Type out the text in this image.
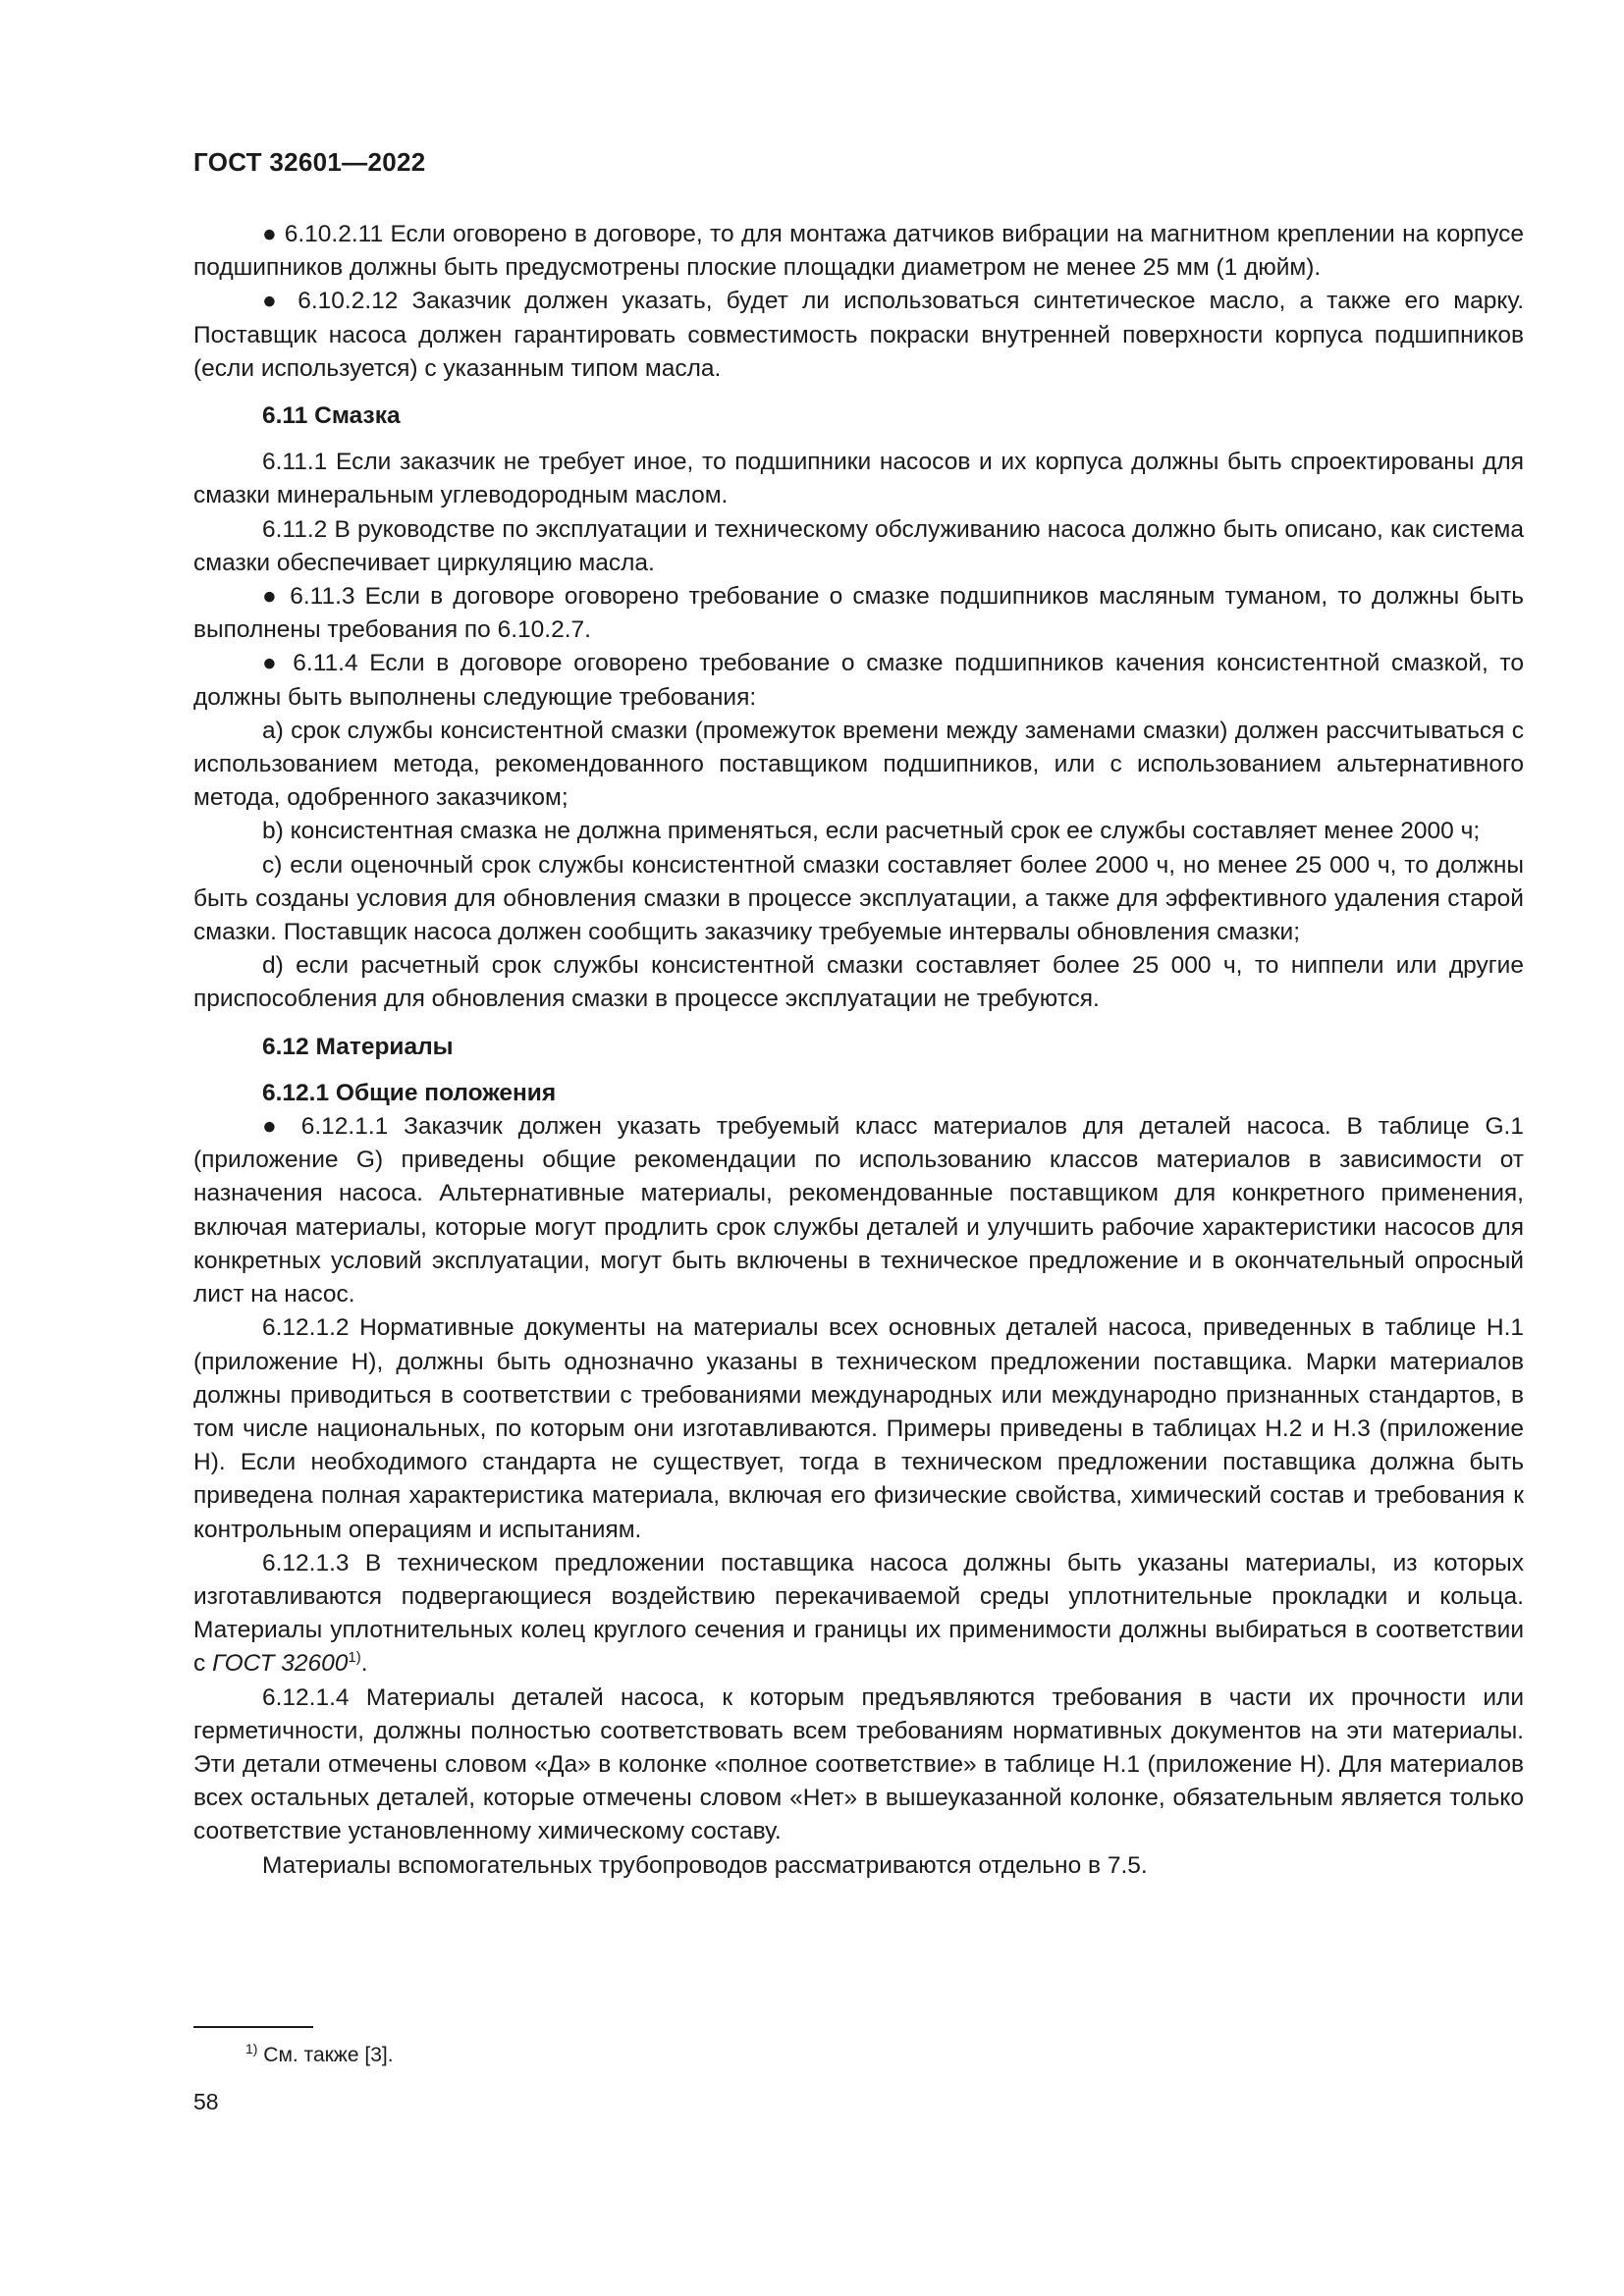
ГОСТ 32601—2022

● 6.10.2.11 Если оговорено в договоре, то для монтажа датчиков вибрации на магнитном креплении на корпусе подшипников должны быть предусмотрены плоские площадки диаметром не менее 25 мм (1 дюйм).

● 6.10.2.12 Заказчик должен указать, будет ли использоваться синтетическое масло, а также его марку. Поставщик насоса должен гарантировать совместимость покраски внутренней поверхности корпуса подшипников (если используется) с указанным типом масла.

6.11 Смазка

6.11.1 Если заказчик не требует иное, то подшипники насосов и их корпуса должны быть спроектированы для смазки минеральным углеводородным маслом.

6.11.2 В руководстве по эксплуатации и техническому обслуживанию насоса должно быть описано, как система смазки обеспечивает циркуляцию масла.

● 6.11.3 Если в договоре оговорено требование о смазке подшипников масляным туманом, то должны быть выполнены требования по 6.10.2.7.

● 6.11.4 Если в договоре оговорено требование о смазке подшипников качения консистентной смазкой, то должны быть выполнены следующие требования:

a) срок службы консистентной смазки (промежуток времени между заменами смазки) должен рассчитываться с использованием метода, рекомендованного поставщиком подшипников, или с использованием альтернативного метода, одобренного заказчиком;

b) консистентная смазка не должна применяться, если расчетный срок ее службы составляет менее 2000 ч;

c) если оценочный срок службы консистентной смазки составляет более 2000 ч, но менее 25 000 ч, то должны быть созданы условия для обновления смазки в процессе эксплуатации, а также для эффективного удаления старой смазки. Поставщик насоса должен сообщить заказчику требуемые интервалы обновления смазки;

d) если расчетный срок службы консистентной смазки составляет более 25 000 ч, то ниппели или другие приспособления для обновления смазки в процессе эксплуатации не требуются.

6.12 Материалы
6.12.1 Общие положения

● 6.12.1.1 Заказчик должен указать требуемый класс материалов для деталей насоса. В таблице G.1 (приложение G) приведены общие рекомендации по использованию классов материалов в зависимости от назначения насоса. Альтернативные материалы, рекомендованные поставщиком для конкретного применения, включая материалы, которые могут продлить срок службы деталей и улучшить рабочие характеристики насосов для конкретных условий эксплуатации, могут быть включены в техническое предложение и в окончательный опросный лист на насос.

6.12.1.2 Нормативные документы на материалы всех основных деталей насоса, приведенных в таблице Н.1 (приложение Н), должны быть однозначно указаны в техническом предложении поставщика. Марки материалов должны приводиться в соответствии с требованиями международных или международно признанных стандартов, в том числе национальных, по которым они изготавливаются. Примеры приведены в таблицах Н.2 и Н.3 (приложение Н). Если необходимого стандарта не существует, тогда в техническом предложении поставщика должна быть приведена полная характеристика материала, включая его физические свойства, химический состав и требования к контрольным операциям и испытаниям.

6.12.1.3 В техническом предложении поставщика насоса должны быть указаны материалы, из которых изготавливаются подвергающиеся воздействию перекачиваемой среды уплотнительные прокладки и кольца. Материалы уплотнительных колец круглого сечения и границы их применимости должны выбираться в соответствии с ГОСТ 32600$^{1)}$.

6.12.1.4 Материалы деталей насоса, к которым предъявляются требования в части их прочности или герметичности, должны полностью соответствовать всем требованиям нормативных документов на эти материалы. Эти детали отмечены словом «Да» в колонке «полное соответствие» в таблице Н.1 (приложение Н). Для материалов всех остальных деталей, которые отмечены словом «Нет» в вышеуказанной колонке, обязательным является только соответствие установленному химическому составу.

Материалы вспомогательных трубопроводов рассматриваются отдельно в 7.5.

$^{1)}$ См. также [3].
58
